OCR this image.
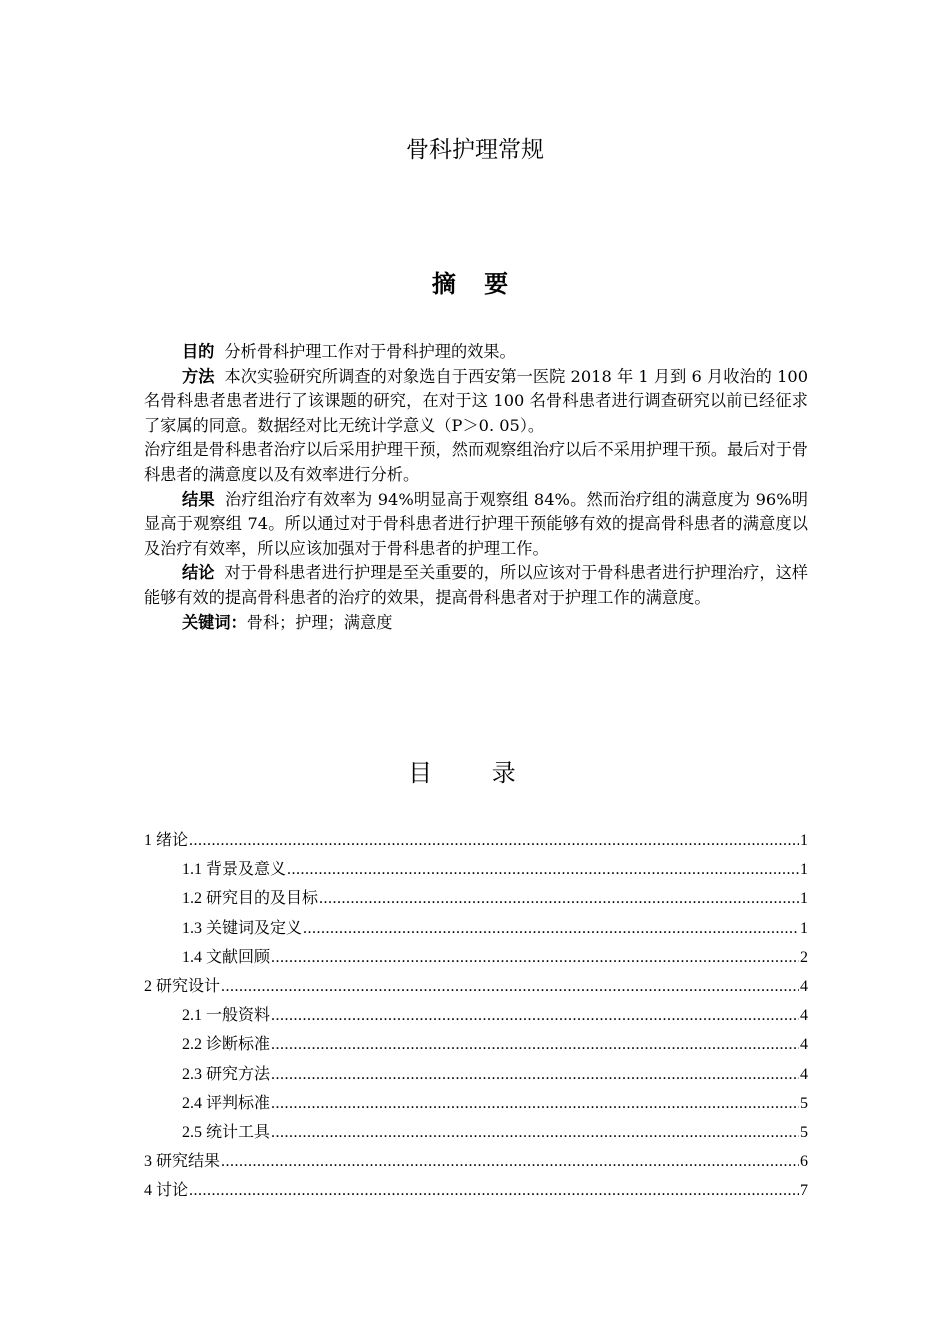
骨科护理常规
摘 要

目的 分析骨科护理工作对于骨科护理的效果。

方法 本次实验研究所调查的对象选自于西安第一医院 2018 年 1 月到 6 月收治的 100 名骨科患者患者进行了该课题的研究，在对于这 100 名骨科患者进行调查研究以前已经征求了家属的同意。数据经对比无统计学意义（P＞0. 05）。

治疗组是骨科患者治疗以后采用护理干预，然而观察组治疗以后不采用护理干预。最后对于骨科患者的满意度以及有效率进行分析。

结果 治疗组治疗有效率为 94%明显高于观察组 84%。然而治疗组的满意度为 96%明显高于观察组 74。所以通过对于骨科患者进行护理干预能够有效的提高骨科患者的满意度以及治疗有效率，所以应该加强对于骨科患者的护理工作。

结论 对于骨科患者进行护理是至关重要的，所以应该对于骨科患者进行护理治疗，这样能够有效的提高骨科患者的治疗的效果，提高骨科患者对于护理工作的满意度。

关键词：骨科；护理；满意度

目 录
1 绪论 .....	1
1.1 背景及意义 .....	1
1.2 研究目的及目标 .....	1
1.3 关键词及定义 .....	1
1.4 文献回顾 .....	2
2 研究设计 .....	4
2.1 一般资料 .....	4
2.2 诊断标准 .....	4
2.3 研究方法 .....	4
2.4 评判标准 .....	5
2.5 统计工具 .....	5
3 研究结果 .....	6
4 讨论 .....	7
